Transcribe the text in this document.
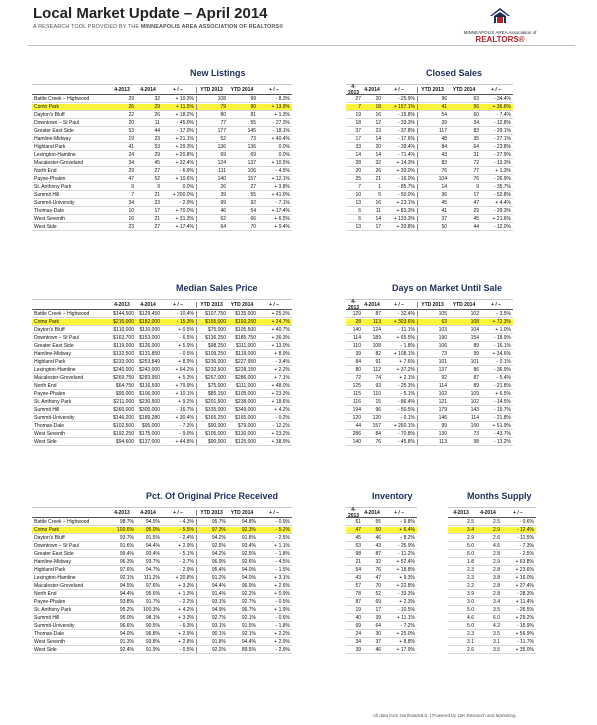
Local Market Update – April 2014
A RESEARCH TOOL PROVIDED BY THE MINNEAPOLIS AREA ASSOCIATION OF REALTORS®
MINNEAPOLIS AREA Association of
REALTORS®
New Listings
4-2013	4-2014	+ / –	YTD 2013	YTD 2014	+ / –
Battle Creek – Highwood	29	32	+ 10.3%	108	99	- 8.3%
Como Park	26	29	+ 11.5%	79	90	+ 13.9%
Dayton's Bluff	22	26	+ 18.2%	80	81	+ 1.3%
Downtown – St Paul	20	11	- 45.0%	77	55	- 27.3%
Greater East Side	53	44	- 17.0%	177	145	- 18.1%
Hamline-Midway	19	23	+ 21.1%	52	73	+ 40.4%
Highland Park	41	53	+ 29.3%	136	136	0.0%
Lexington-Hamline	24	29	+ 20.8%	69	69	0.0%
Macalester-Groveland	34	45	+ 32.4%	124	137	+ 10.5%
North End	29	27	- 6.9%	111	106	- 4.5%
Payne-Phalen	47	52	+ 10.6%	140	157	+ 12.1%
St. Anthony Park	9	9	0.0%	26	27	+ 3.8%
Summit Hill	7	21	+ 200.0%	39	55	+ 41.0%
Summit-University	34	33	- 2.9%	99	92	- 7.1%
Thomas-Dale	10	17	+ 70.0%	46	54	+ 17.4%
West Seventh	16	21	+ 31.3%	62	66	+ 6.5%
West Side	23	27	+ 17.4%	64	70	+ 9.4%
Closed Sales
4-2013	4-2014	+ / –	YTD 2013	YTD 2014	+ / –
27	20	- 25.9%	96	63	- 34.4%
7	18	+ 157.1%	41	56	+ 36.6%
19	16	- 15.8%	54	60	- 7.4%
18	12	- 33.3%	39	34	- 12.8%
37	23	- 37.8%	117	83	- 29.1%
17	14	- 17.6%	48	35	- 27.1%
33	20	- 39.4%	84	64	- 23.8%
14	14	- 71.4%	43	31	- 27.9%
28	32	+ 14.3%	83	72	- 13.3%
20	26	+ 30.0%	76	77	+ 1.3%
25	21	- 16.0%	104	76	- 26.9%
7	1	- 85.7%	14	9	- 35.7%
10	5	- 50.0%	36	17	- 52.8%
13	16	+ 23.1%	45	47	+ 4.4%
6	11	+ 83.3%	41	29	- 29.3%
6	14	+ 133.3%	37	45	+ 21.6%
13	17	+ 30.8%	50	44	- 12.0%
Median Sales Price
4-2013	4-2014	+ / –	YTD 2013	YTD 2014	+ / –
Battle Creek – Highwood	$144,500	$129,450	- 10.4%	$107,750	$135,000	+ 25.3%
Como Park	$215,000	$182,000	- 15.3%	$155,000	$193,250	+ 24.7%
Dayton's Bluff	$110,000	$110,000	+ 0.5%	$75,000	$105,500	+ 40.7%
Downtown – St Paul	$163,700	$153,000	- 6.5%	$136,250	$185,750	+ 36.3%
Greater East Side	$119,000	$126,000	+ 5.9%	$98,250	$111,000	+ 13.0%
Hamline-Midway	$132,500	$131,850	- 0.5%	$109,250	$119,000	+ 8.9%
Highland Park	$233,000	$253,849	+ 8.9%	$236,000	$227,950	- 3.4%
Lexington-Hamline	$240,000	$243,000	+ 64.2%	$232,500	$228,150	+ 2.2%
Macalester-Groveland	$269,750	$283,950	+ 5.3%	$267,000	$286,000	+ 7.1%
North End	$64,750	$116,500	+ 79.9%	$75,000	$111,000	+ 48.0%
Payne-Phalen	$95,000	$106,000	+ 10.1%	$85,150	$105,000	+ 23.3%
St. Anthony Park	$211,000	$230,500	+ 9.2%	$201,500	$238,000	+ 18.6%
Summit Hill	$360,000	$300,000	- 16.7%	$335,000	$349,000	+ 4.2%
Summit-University	$146,200	$189,280	+ 30.4%	$165,250	$165,000	- 0.2%
Thomas-Dale	$102,500	$95,000	- 7.3%	$90,000	$79,000	- 12.2%
West Seventh	$192,250	$175,000	- 9.0%	$105,000	$130,000	+ 23.2%
West Side	$94,600	$137,000	+ 44.8%	$90,000	$125,000	+ 38.9%
Days on Market Until Sale
4-2013	4-2014	+ / –	YTD 2013	YTD 2014	+ / –
129	87	- 32.4%	105	102	- 3.5%
28	113	+ 303.6%	63	108	+ 72.3%
140	124	- 11.1%	103	104	+ 1.0%
114	189	+ 65.5%	190	154	- 18.9%
110	108	- 1.8%	106	89	- 16.1%
39	82	+ 108.1%	73	99	+ 34.6%
84	91	+ 7.6%	101	101	- 0.1%
80	112	+ 37.2%	137	86	- 36.9%
72	74	+ 2.1%	92	87	- 5.4%
125	93	- 25.3%	114	89	- 21.8%
115	110	- 5.1%	102	109	+ 6.5%
116	15	- 86.4%	121	102	- 14.5%
194	96	- 50.5%	179	143	- 19.7%
120	120	- 0.1%	146	114	- 21.8%
44	157	+ 260.1%	99	150	+ 51.9%
286	84	- 70.8%	130	73	- 43.7%
140	76	- 45.8%	113	98	- 13.2%
Pct. Of Original Price Received
4-2013	4-2014	+ / –	YTD 2013	YTD 2014	+ / –
Battle Creek – Highwood	98.7%	94.5%	- 4.3%	95.7%	94.8%	- 0.9%
Como Park	100.6%	95.0%	- 5.5%	97.3%	92.3%	- 5.2%
Dayton's Bluff	93.7%	91.5%	- 2.4%	94.2%	91.8%	- 2.5%
Downtown – St Paul	91.6%	94.4%	+ 2.9%	92.5%	93.4%	+ 1.1%
Greater East Side	99.4%	93.4%	- 5.1%	94.2%	92.5%	- 1.8%
Hamline-Midway	96.3%	93.7%	- 2.7%	96.9%	92.6%	- 4.5%
Highland Park	97.6%	94.7%	- 2.9%	95.4%	94.0%	- 1.5%
Lexington-Hamline	92.1%	111.2%	+ 20.8%	91.2%	94.0%	+ 3.1%
Macalester-Groveland	94.5%	97.6%	+ 3.3%	94.4%	96.9%	+ 2.6%
North End	94.4%	95.6%	+ 1.3%	91.4%	92.2%	+ 0.9%
Payne-Phalen	93.8%	91.7%	- 2.2%	93.1%	92.7%	- 0.5%
St. Anthony Park	95.2%	100.3%	+ 4.2%	94.9%	96.7%	+ 1.9%
Summit Hill	95.0%	98.1%	+ 3.3%	92.7%	92.1%	- 0.6%
Summit-University	96.6%	90.5%	- 6.3%	93.1%	91.5%	- 1.8%
Thomas-Dale	94.0%	96.8%	+ 2.9%	90.1%	92.1%	+ 2.2%
West Seventh	91.3%	93.8%	+ 2.8%	91.8%	94.4%	+ 2.9%
West Side	92.4%	91.9%	- 0.5%	92.2%	89.5%	- 2.9%
Inventory
4-2013	4-2014	+ / –
61	55	- 9.8%
47	50	+ 6.4%
45	46	- 8.2%
53	43	- 25.9%
98	87	- 11.2%
21	32	+ 52.4%
54	76	+ 18.8%
43	47	+ 9.3%
57	70	+ 22.8%
78	52	- 33.3%
87	69	+ 2.3%
19	17	- 10.5%
40	39	+ 11.1%
69	64	- 7.2%
24	30	+ 25.0%
34	37	+ 8.8%
39	46	+ 17.9%
Months Supply
4-2013	4-2014	+ / –
2.5	2.5	- 0.6%
3.4	2.9	- 12.4%
2.9	2.6	- 11.5%
5.0	4.6	- 7.3%
6.0	2.8	- 2.5%
1.8	2.9	+ 63.8%
2.3	2.8	+ 23.6%
2.3	3.8	+ 16.0%
2.2	2.8	+ 27.4%
3.9	2.8	- 28.3%
3.0	3.4	+ 11.4%
5.0	3.5	- 26.5%
4.6	6.0	+ 29.2%
5.0	4.2	- 15.9%
2.3	3.5	+ 56.9%
3.1	3.1	- 11.7%
2.6	3.5	+ 35.0%
All data from NorthstarMLS. | Powered by 10K Research and Marketing.
